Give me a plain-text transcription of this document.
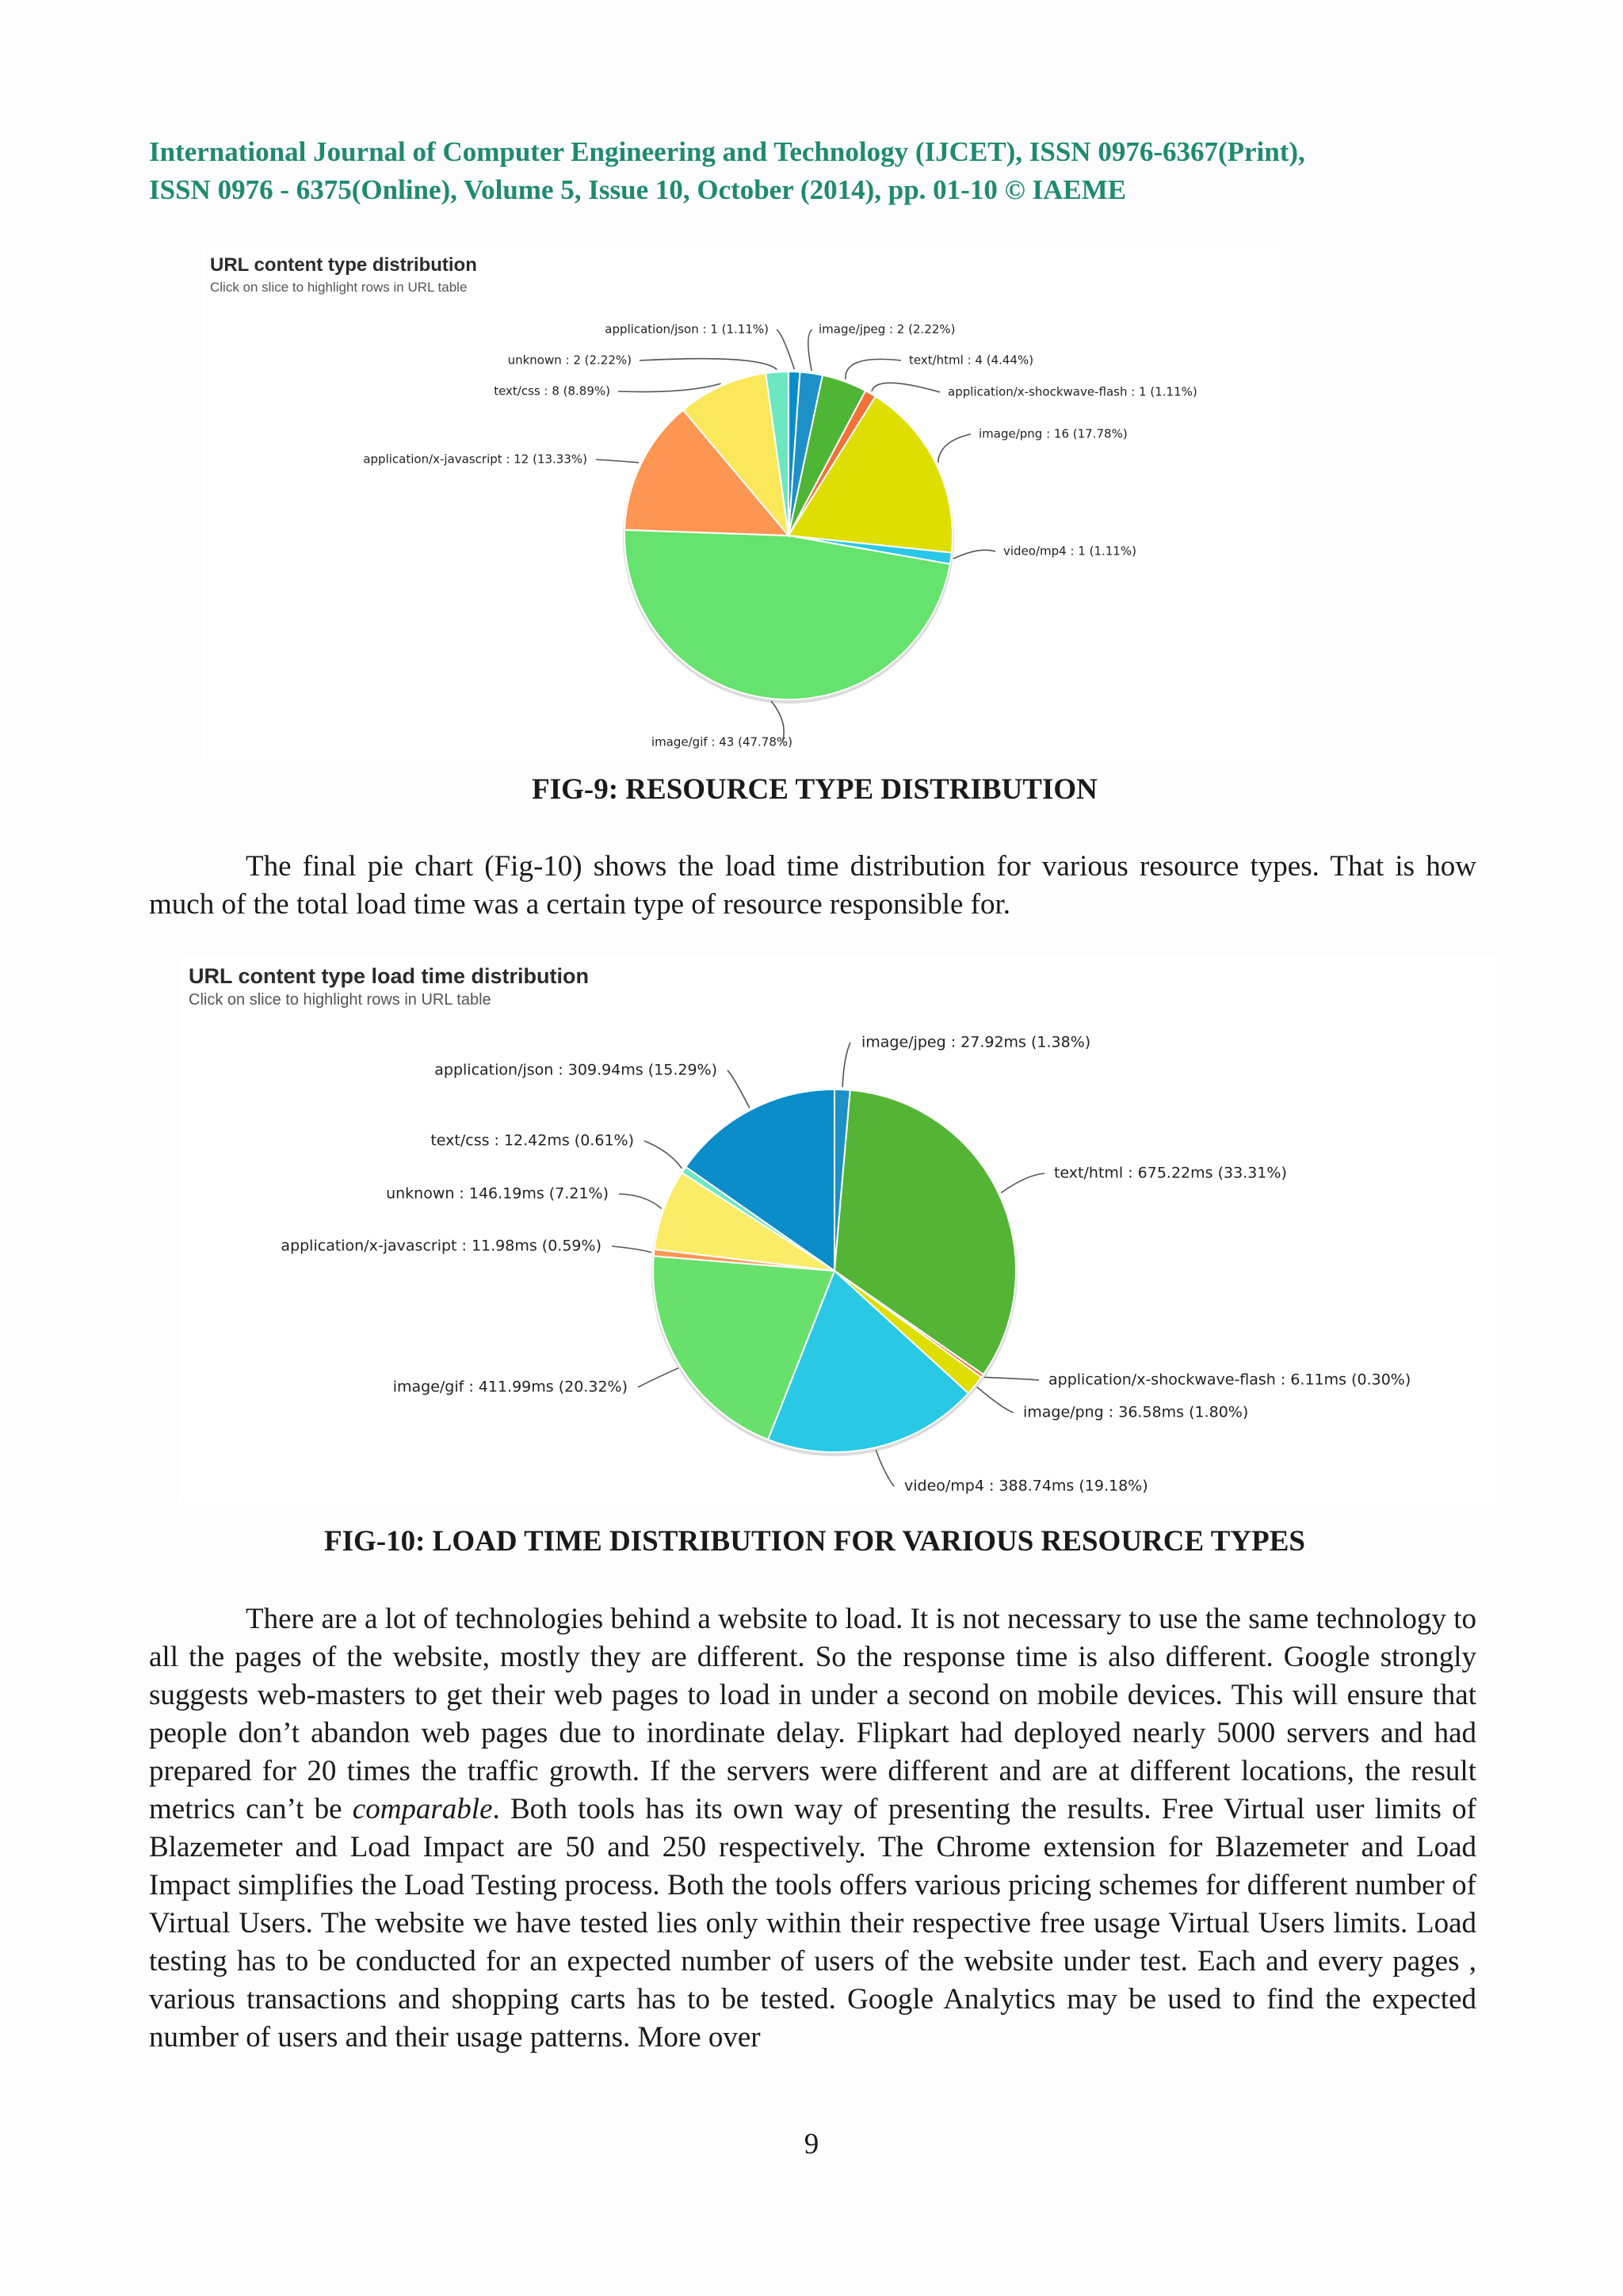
International Journal of Computer Engineering and Technology (IJCET), ISSN 0976-6367(Print),
ISSN 0976 - 6375(Online), Volume 5, Issue 10, October (2014), pp. 01-10 © IAEME
URL content type distribution
Click on slice to highlight rows in URL table
application/json : 1 (1.11%)	image/jpeg : 2 (2.22%)
text/html : 4 (4.44%)
application/x-shockwave-flash : 1 (1.11%)
image/png : 16 (17.78%)
video/mp4 : 1 (1.11%)
image/gif : 43 (47.78%)
application/x-javascript : 12 (13.33%)
text/css : 8 (8.89%)
unknown : 2 (2.22%)

FIG-9: RESOURCE TYPE DISTRIBUTION

The final pie chart (Fig-10) shows the load time distribution for various resource types. That is how much of the total load time was a certain type of resource responsible for.

URL content type load time distribution
Click on slice to highlight rows in URL table
image/jpeg : 27.92ms (1.38%)
text/html : 675.22ms (33.31%)
application/x-shockwave-flash : 6.11ms (0.30%)
image/png : 36.58ms (1.80%)
video/mp4 : 388.74ms (19.18%)
image/gif : 411.99ms (20.32%)
application/x-javascript : 11.98ms (0.59%)
unknown : 146.19ms (7.21%)
text/css : 12.42ms (0.61%)
application/json : 309.94ms (15.29%)

FIG-10: LOAD TIME DISTRIBUTION FOR VARIOUS RESOURCE TYPES

There are a lot of technologies behind a website to load. It is not necessary to use the same technology to all the pages of the website, mostly they are different. So the response time is also different. Google strongly suggests web-masters to get their web pages to load in under a second on mobile devices. This will ensure that people don’t abandon web pages due to inordinate delay. Flipkart had deployed nearly 5000 servers and had prepared for 20 times the traffic growth. If the servers were different and are at different locations, the result metrics can’t be comparable. Both tools has its own way of presenting the results. Free Virtual user limits of Blazemeter and Load Impact are 50 and 250 respectively. The Chrome extension for Blazemeter and Load Impact simplifies the Load Testing process. Both the tools offers various pricing schemes for different number of Virtual Users. The website we have tested lies only within their respective free usage Virtual Users limits. Load testing has to be conducted for an expected number of users of the website under test. Each and every pages , various transactions and shopping carts has to be tested. Google Analytics may be used to find the expected number of users and their usage patterns. More over

9
